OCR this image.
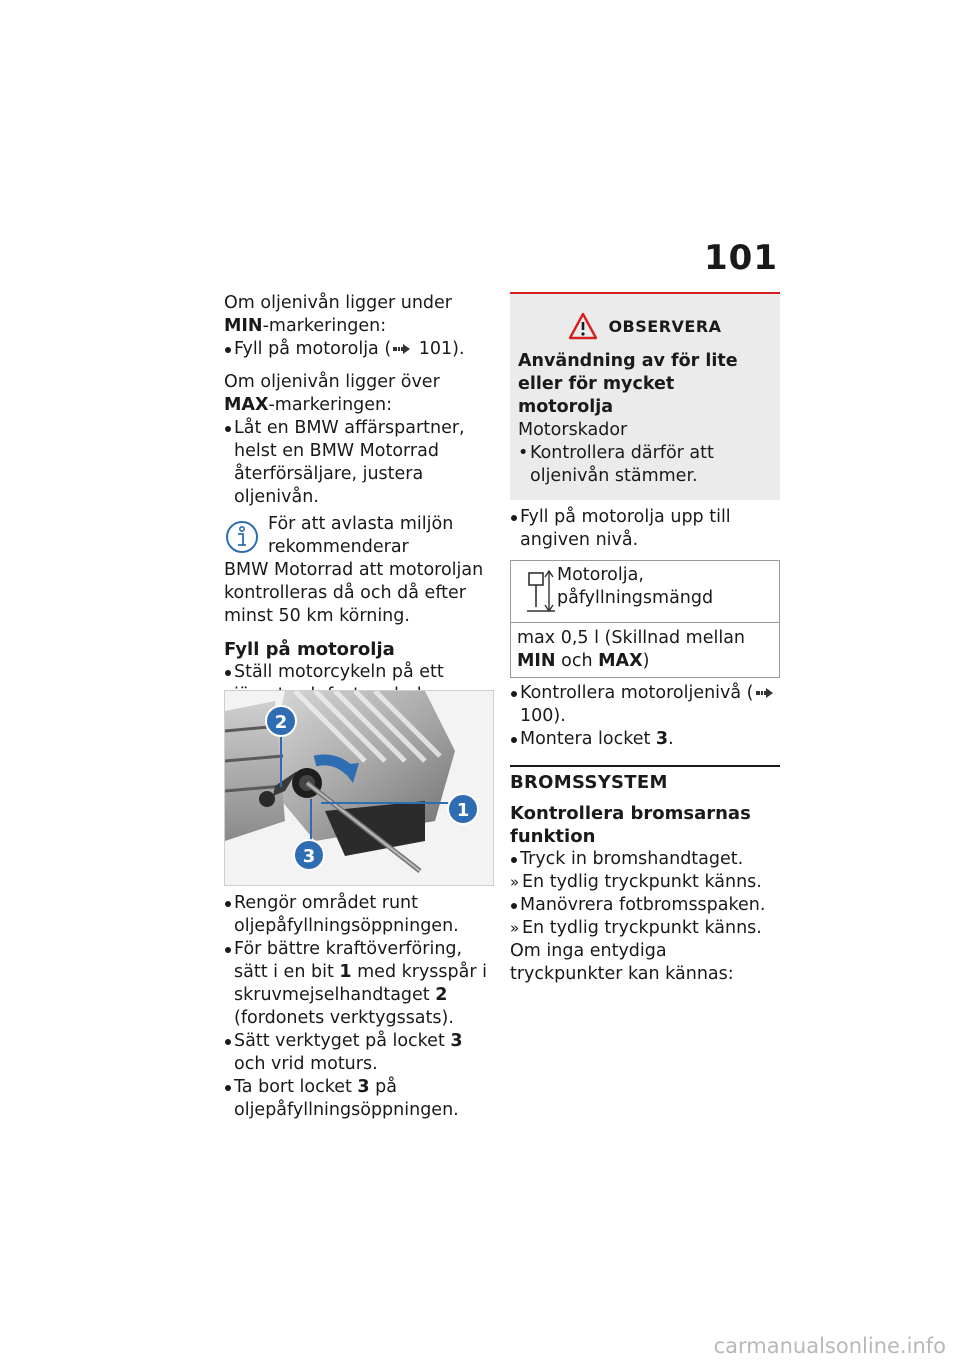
101

Om oljenivån ligger under MIN-markeringen:

Fyll på motorolja ( 101).

Om oljenivån ligger över MAX-markeringen:

Låt en BMW affärspartner, helst en BMW Motorrad återförsäljare, justera oljenivån.

För att avlasta miljön rekommenderar

BMW Motorrad att motoroljan kontrolleras då och då efter minst 50 km körning.

Fyll på motorolja

Ställ motorcykeln på ett
1
2
3
Rengör området runt oljepåfyllningsöppningen.
För bättre kraftöverföring, sätt i en bit 1 med krysspår i skruvmejselhandtaget 2 (fordonets verktygssats).
Sätt verktyget på locket 3 och vrid moturs.
Ta bort locket 3 på oljepåfyllningsöppningen.
OBSERVERA

Användning av för lite eller för mycket motorolja

Motorskador

• Kontrollera därför att oljenivån stämmer.
Fyll på motorolja upp till angiven nivå.
Motorolja, påfyllningsmängd
max 0,5 l (Skillnad mellan MIN och MAX)
Kontrollera motoroljenivå ( 100).
Montera locket 3.

BROMSSYSTEM

Kontrollera bromsarnas funktion

Tryck in bromshandtaget.
» En tydlig tryckpunkt känns.
Manövrera fotbromsspaken.
» En tydlig tryckpunkt känns.

Om inga entydiga tryckpunkter kan kännas:

carmanualsonline.info
